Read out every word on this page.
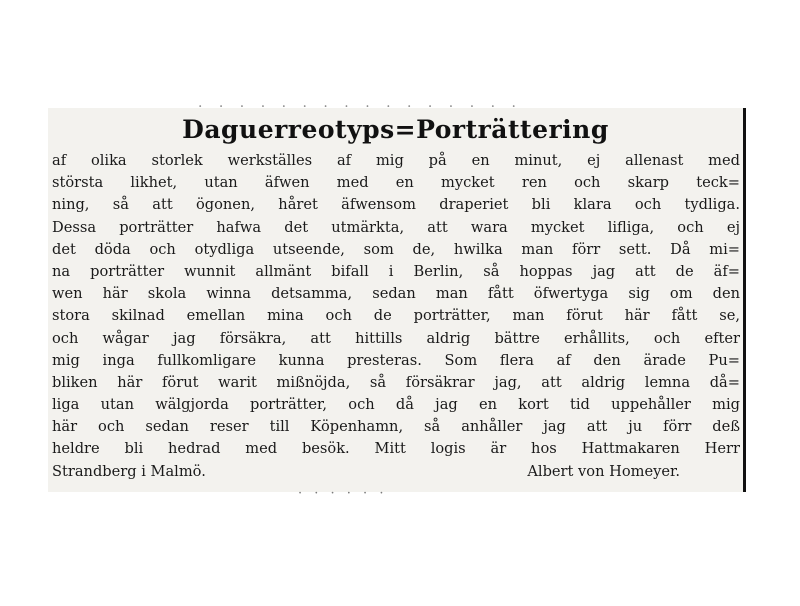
· · · · · · · · · · · · · · · ·
Daguerreotyps=Porträttering
af olika storlek werkställes af mig på en minut, ej allenast med
största likhet, utan äfwen med en mycket ren och skarp teck=
ning, så att ögonen, håret äfwensom draperiet bli klara och tydliga.
Dessa porträtter hafwa det utmärkta, att wara mycket lifliga, och ej
det döda och otydliga utseende, som de, hwilka man förr sett. Då mi=
na porträtter wunnit allmänt bifall i Berlin, så hoppas jag att de äf=
wen här skola winna detsamma, sedan man fått öfwertyga sig om den
stora skilnad emellan mina och de porträtter, man förut här fått se,
och wågar jag försäkra, att hittills aldrig bättre erhållits, och efter
mig inga fullkomligare kunna presteras. Som flera af den ärade Pu=
bliken här förut warit mißnöjda, så försäkrar jag, att aldrig lemna då=
liga utan wälgjorda porträtter, och då jag en kort tid uppehåller mig
här och sedan reser till Köpenhamn, så anhåller jag att ju förr deß
heldre bli hedrad med besök. Mitt logis är hos Hattmakaren Herr
Strandberg i Malmö.	Albert von Homeyer.
· · · · · ·
